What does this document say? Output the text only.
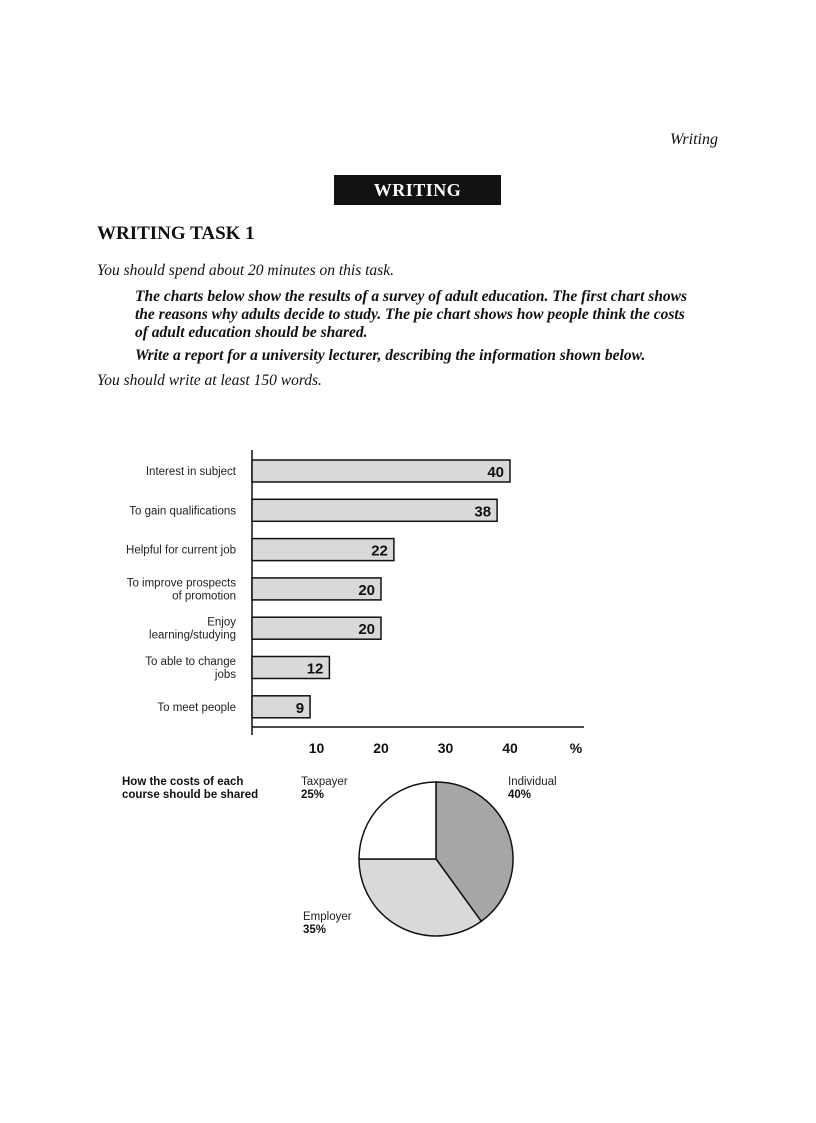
Writing
WRITING
WRITING TASK 1
You should spend about 20 minutes on this task.
The charts below show the results of a survey of adult education. The first chart shows the reasons why adults decide to study. The pie chart shows how people think the costs of adult education should be shared.
Write a report for a university lecturer, describing the information shown below.
You should write at least 150 words.
40
Interest in subject
38
To gain qualifications
22
Helpful for current job
20
To improve prospects
of promotion
20
Enjoy
learning/studying
12
To able to change
jobs
9
To meet people
10	20	30	40	%
How the costs of each
course should be shared
Individual
40%
Employer
35%
Taxpayer
25%
